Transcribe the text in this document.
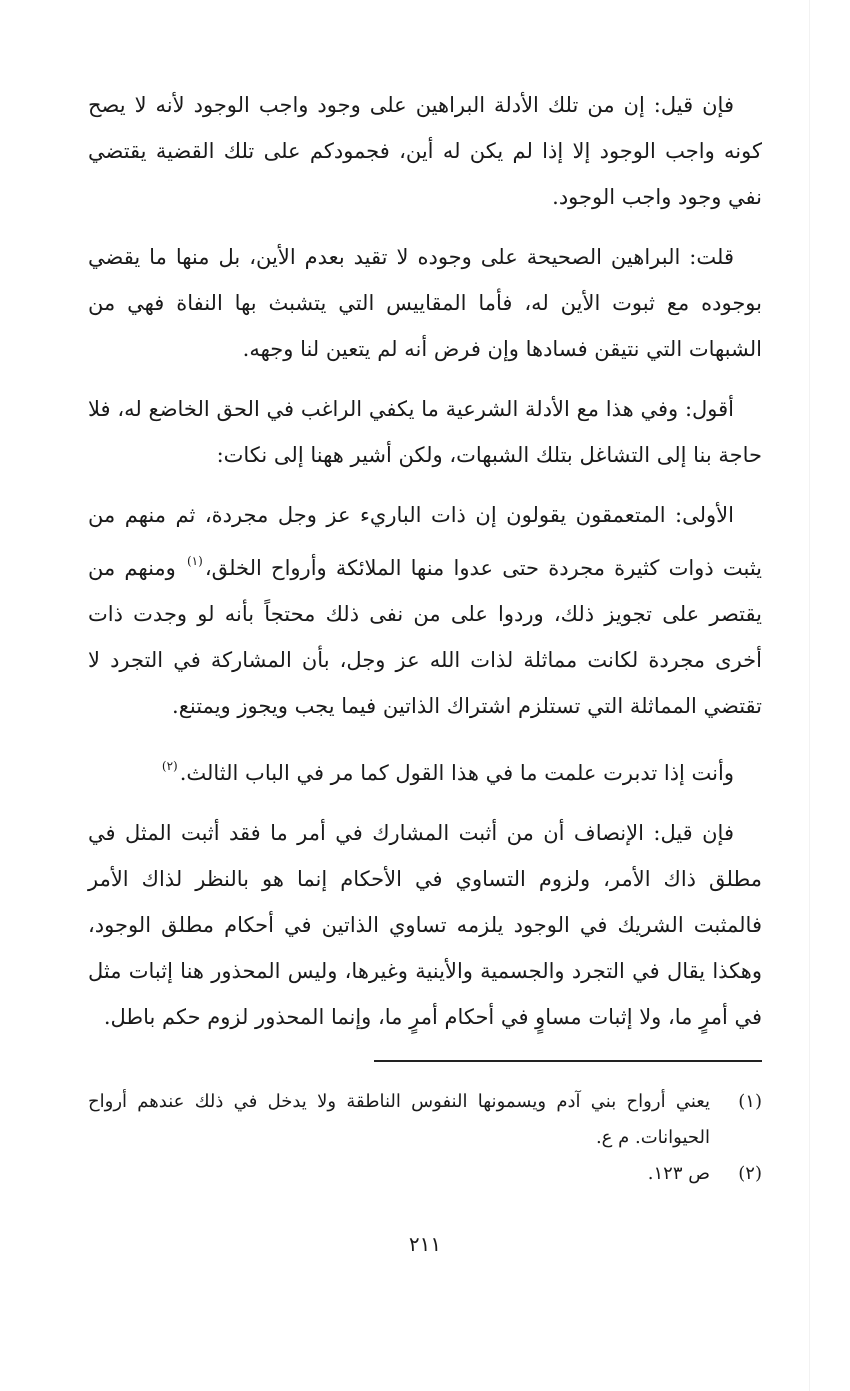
فإن قيل: إن من تلك الأدلة البراهين على وجود واجب الوجود لأنه لا يصح كونه واجب الوجود إلا إذا لم يكن له أين، فجمودكم على تلك القضية يقتضي نفي وجود واجب الوجود.

قلت: البراهين الصحيحة على وجوده لا تقيد بعدم الأين، بل منها ما يقضي بوجوده مع ثبوت الأين له، فأما المقاييس التي يتشبث بها النفاة فهي من الشبهات التي نتيقن فسادها وإن فرض أنه لم يتعين لنا وجهه.

أقول: وفي هذا مع الأدلة الشرعية ما يكفي الراغب في الحق الخاضع له، فلا حاجة بنا إلى التشاغل بتلك الشبهات، ولكن أشير ههنا إلى نكات:

الأولى: المتعمقون يقولون إن ذات الباريء عز وجل مجردة، ثم منهم من يثبت ذوات كثيرة مجردة حتى عدوا منها الملائكة وأرواح الخلق،$^{(١)}$ ومنهم من يقتصر على تجويز ذلك، وردوا على من نفى ذلك محتجاً بأنه لو وجدت ذات أخرى مجردة لكانت مماثلة لذات الله عز وجل، بأن المشاركة في التجرد لا تقتضي المماثلة التي تستلزم اشتراك الذاتين فيما يجب ويجوز ويمتنع.

وأنت إذا تدبرت علمت ما في هذا القول كما مر في الباب الثالث.$^{(٢)}$

فإن قيل: الإنصاف أن من أثبت المشارك في أمر ما فقد أثبت المثل في مطلق ذاك الأمر، ولزوم التساوي في الأحكام إنما هو بالنظر لذاك الأمر فالمثبت الشريك في الوجود يلزمه تساوي الذاتين في أحكام مطلق الوجود، وهكذا يقال في التجرد والجسمية والأينية وغيرها، وليس المحذور هنا إثبات مثل في أمرٍ ما، ولا إثبات مساوٍ في أحكام أمرٍ ما، وإنما المحذور لزوم حكم باطل.

(١)
يعني أرواح بني آدم ويسمونها النفوس الناطقة ولا يدخل في ذلك عندهم أرواح الحيوانات. م ع.
(٢)
ص ١٢٣.
٢١١
